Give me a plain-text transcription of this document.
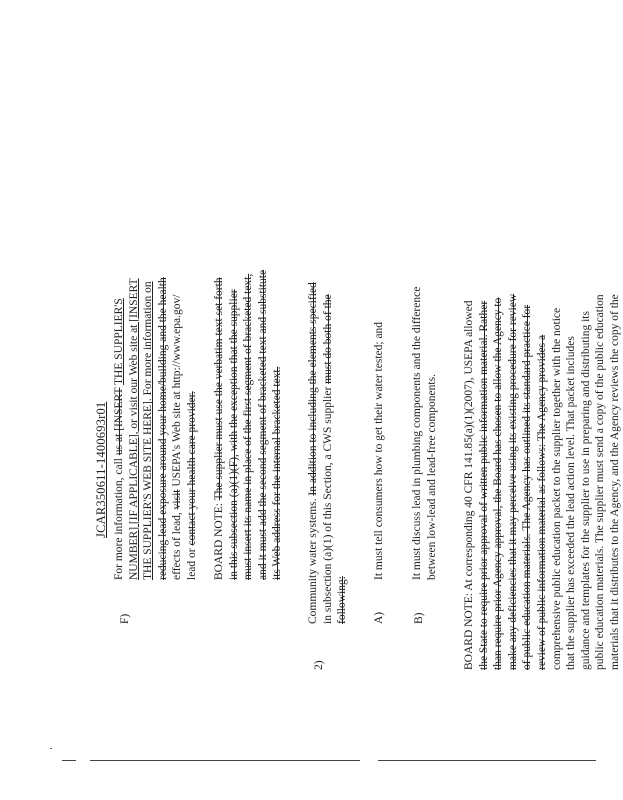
JCAR350611-1400693r01
F)
For more information, call us at [INSERT THE SUPPLIER'S NUMBER] [IF APPLICABLE], or visit our Web site at [INSERT THE SUPPLIER'S WEB SITE HERE]. For more information on reducing lead exposure around your home/building and the health effects of lead, visit USEPA's Web site at http://www.epa.gov/
lead or contact your health care provider. BOARD NOTE: The supplier must use the verbatim text set forth in this subsection (a)(1)(F), with the exception that the supplier must insert its name in place of the first segment of bracketed text, and it must add the second segment of bracketed text and substitute its Web address for the internal bracketed text.
2)
Community water systems. In addition to including the elements specified in subsection (a)(1) of this Section, a CWS supplier must do both of the
following: A)
It must tell consumers how to get their water tested; and
B)
It must discuss lead in plumbing components and the difference between low-lead and lead-free components. BOARD NOTE: At corresponding 40 CFR 141.85(a)(1)(2007), USEPA allowed the State to require prior approval of written public information material. Rather than require prior Agency approval, the Board has chosen to allow the Agency to make any deficiencies that it may perceive using its existing procedure for review of public education materials. The Agency has outlined its standard practice for review of public information material as follows: The Agency provides a comprehensive public education packet to the supplier together with the notice that the supplier has exceeded the lead action level. That packet includes guidance and templates for the supplier to use in preparing and distributing its public education materials. The supplier must send a copy of the public education materials that it distributes to the Agency, and the Agency reviews the copy of the
